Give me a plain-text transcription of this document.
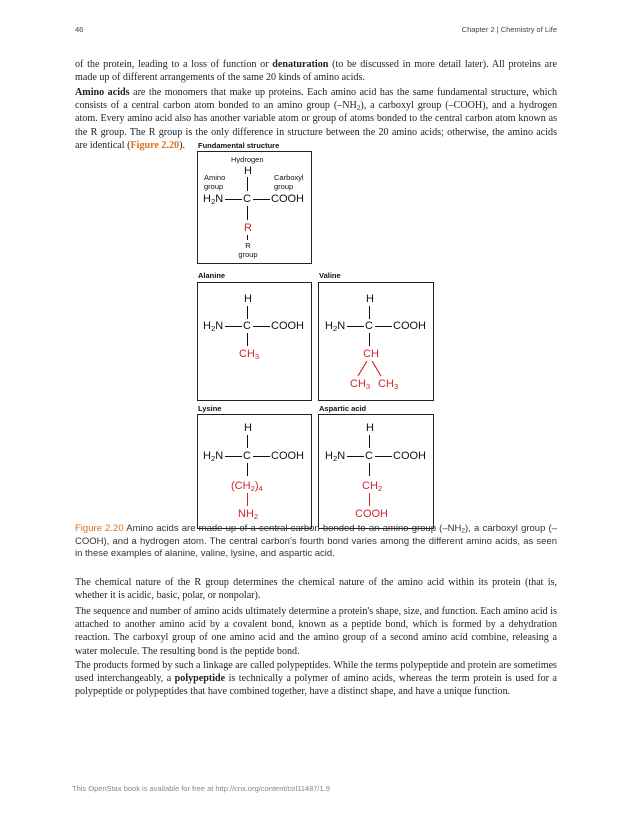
46	Chapter 2 | Chemistry of Life

of the protein, leading to a loss of function or denaturation (to be discussed in more detail later). All proteins are made up of different arrangements of the same 20 kinds of amino acids.

Amino acids are the monomers that make up proteins. Each amino acid has the same fundamental structure, which consists of a central carbon atom bonded to an amino group $(-NH_2)$, a carboxyl group (–COOH), and a hydrogen atom. Every amino acid also has another variable atom or group of atoms bonded to the central carbon atom known as the R group. The R group is the only difference in structure between the 20 amino acids; otherwise, the amino acids are identical (Figure 2.20).	Fundamental structure
Hydrogen
H
Amino
group
Carboxyl
group
$H_2N$ C COOH
R
R
group
Alanine
H
$H_2N$ C COOH
$CH_3$
Valine
H
$H_2N$ C COOH
CH
$CH_3$ $CH_3$
Lysine
H
$H_2N$ C COOH
$(CH_2)_4$
$NH_2$
Aspartic acid
H
$H_2N$ C COOH
$CH_2$
COOH

Figure 2.20 Amino acids are made up of a central carbon bonded to an amino group $(-NH_2)$, a carboxyl group (–COOH), and a hydrogen atom. The central carbon's fourth bond varies among the different amino acids, as seen in these examples of alanine, valine, lysine, and aspartic acid.

The chemical nature of the R group determines the chemical nature of the amino acid within its protein (that is, whether it is acidic, basic, polar, or nonpolar).

The sequence and number of amino acids ultimately determine a protein's shape, size, and function. Each amino acid is attached to another amino acid by a covalent bond, known as a peptide bond, which is formed by a dehydration reaction. The carboxyl group of one amino acid and the amino group of a second amino acid combine, releasing a water molecule. The resulting bond is the peptide bond.

The products formed by such a linkage are called polypeptides. While the terms polypeptide and protein are sometimes used interchangeably, a polypeptide is technically a polymer of amino acids, whereas the term protein is used for a polypeptide or polypeptides that have combined together, have a distinct shape, and have a unique function.

This OpenStax book is available for free at http://cnx.org/content/col11487/1.9
